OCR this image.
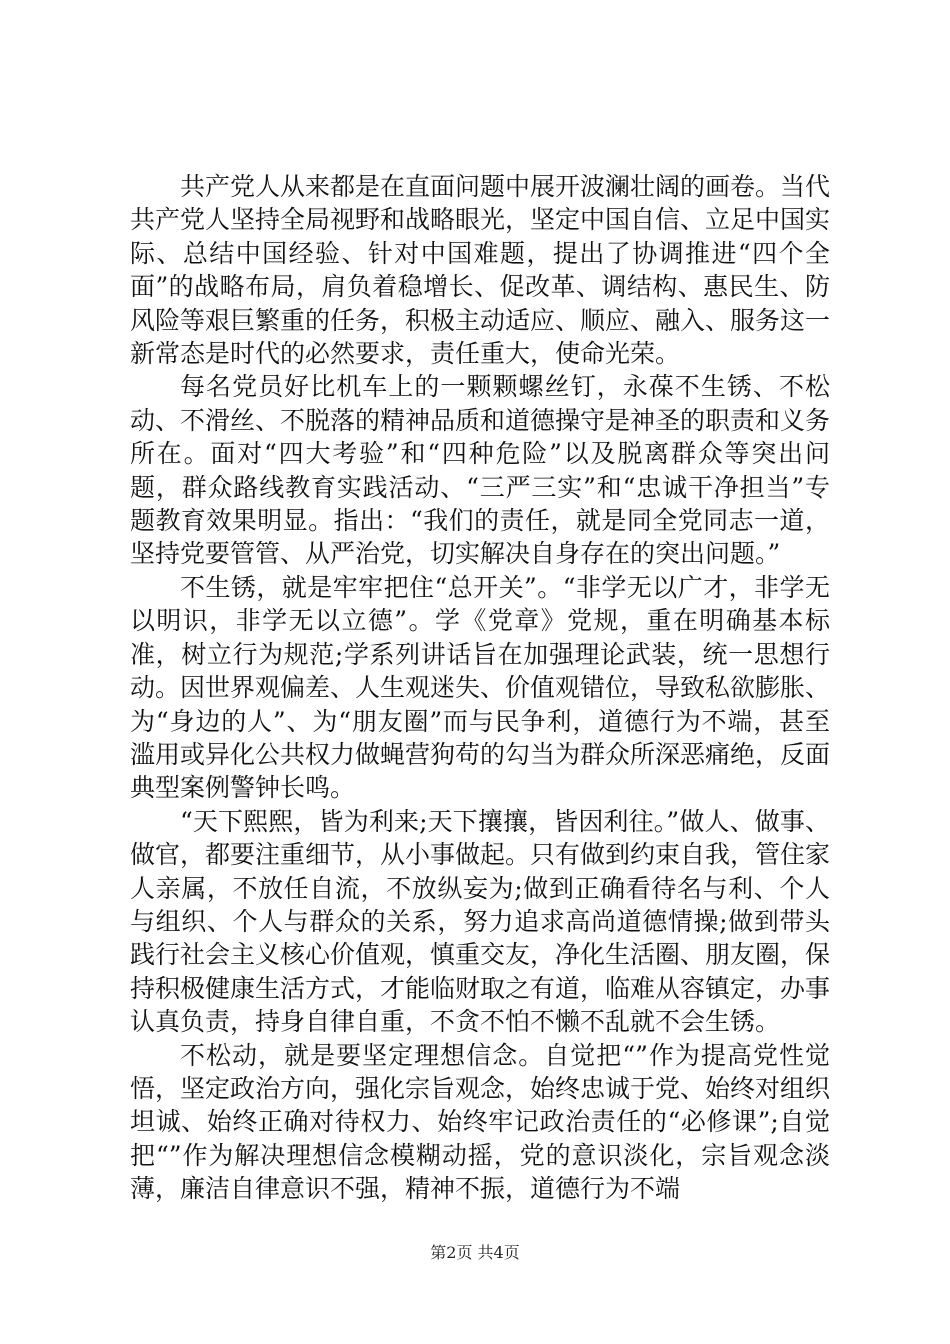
共产党人从来都是在直面问题中展开波澜壮阔的画卷。当代共产党人坚持全局视野和战略眼光，坚定中国自信、立足中国实际、总结中国经验、针对中国难题，提出了协调推进“四个全面”的战略布局，肩负着稳增长、促改革、调结构、惠民生、防风险等艰巨繁重的任务，积极主动适应、顺应、融入、服务这一新常态是时代的必然要求，责任重大，使命光荣。

每名党员好比机车上的一颗颗螺丝钉，永葆不生锈、不松动、不滑丝、不脱落的精神品质和道德操守是神圣的职责和义务所在。面对“四大考验”和“四种危险”以及脱离群众等突出问题，群众路线教育实践活动、“三严三实”和“忠诚干净担当”专题教育效果明显。指出：“我们的责任，就是同全党同志一道，坚持党要管管、从严治党，切实解决自身存在的突出问题。”

不生锈，就是牢牢把住“总开关”。“非学无以广才，非学无以明识，非学无以立德”。学《党章》党规，重在明确基本标准，树立行为规范;学系列讲话旨在加强理论武装，统一思想行动。因世界观偏差、人生观迷失、价值观错位，导致私欲膨胀、为“身边的人”、为“朋友圈”而与民争利，道德行为不端，甚至滥用或异化公共权力做蝇营狗苟的勾当为群众所深恶痛绝，反面典型案例警钟长鸣。

“天下熙熙，皆为利来;天下攘攘，皆因利往。”做人、做事、做官，都要注重细节，从小事做起。只有做到约束自我，管住家人亲属，不放任自流，不放纵妄为;做到正确看待名与利、个人与组织、个人与群众的关系，努力追求高尚道德情操;做到带头践行社会主义核心价值观，慎重交友，净化生活圈、朋友圈，保持积极健康生活方式，才能临财取之有道，临难从容镇定，办事认真负责，持身自律自重，不贪不怕不懒不乱就不会生锈。

不松动，就是要坚定理想信念。自觉把“”作为提高党性觉悟，坚定政治方向，强化宗旨观念，始终忠诚于党、始终对组织坦诚、始终正确对待权力、始终牢记政治责任的“必修课”;自觉把“”作为解决理想信念模糊动摇，党的意识淡化，宗旨观念淡薄，廉洁自律意识不强，精神不振，道德行为不端

第2页 共4页
